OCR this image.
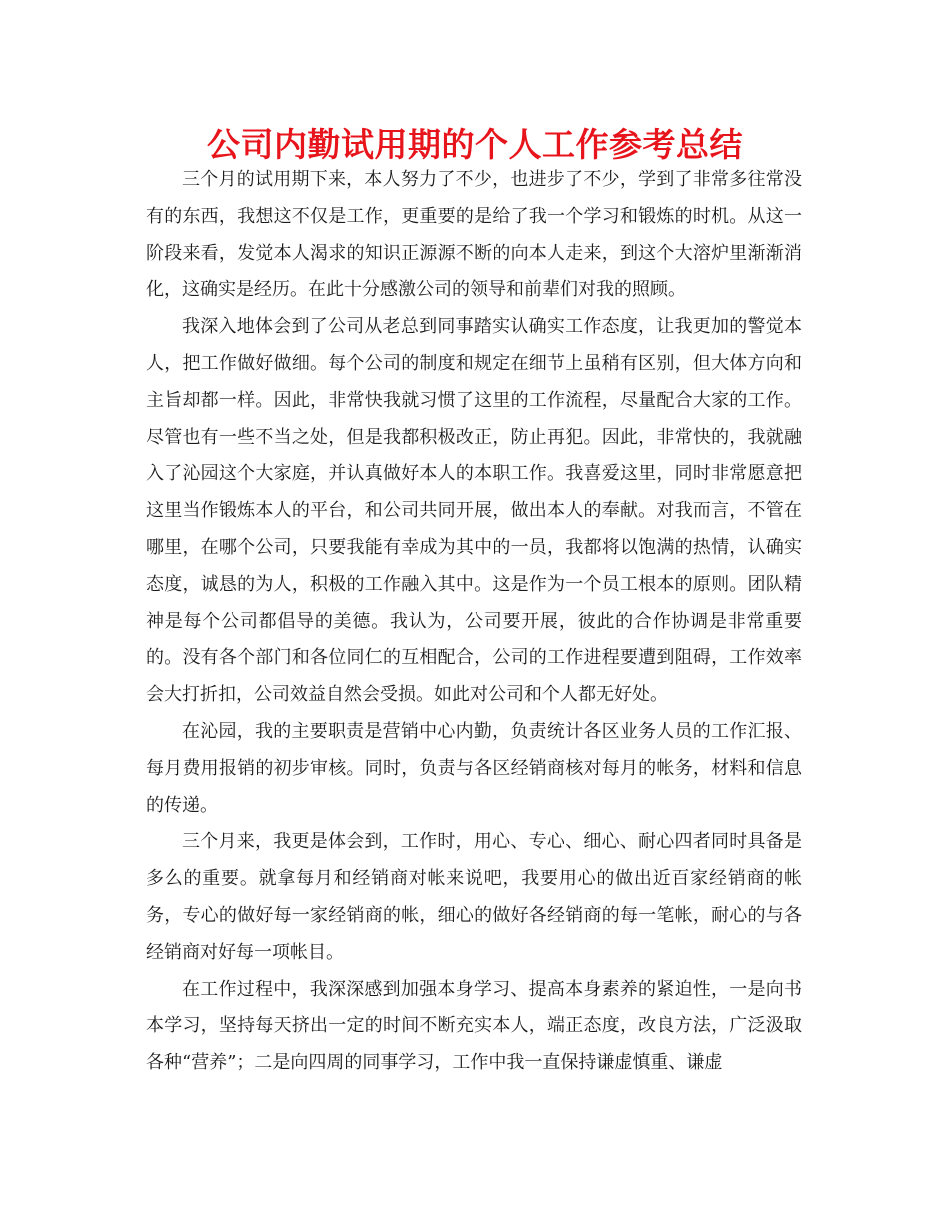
公司内勤试用期的个人工作参考总结

三个月的试用期下来，本人努力了不少，也进步了不少，学到了非常多往常没有的东西，我想这不仅是工作，更重要的是给了我一个学习和锻炼的时机。从这一阶段来看，发觉本人渴求的知识正源源不断的向本人走来，到这个大溶炉里渐渐消化，这确实是经历。在此十分感激公司的领导和前辈们对我的照顾。

我深入地体会到了公司从老总到同事踏实认确实工作态度，让我更加的警觉本人，把工作做好做细。每个公司的制度和规定在细节上虽稍有区别，但大体方向和主旨却都一样。因此，非常快我就习惯了这里的工作流程，尽量配合大家的工作。尽管也有一些不当之处，但是我都积极改正，防止再犯。因此，非常快的，我就融入了沁园这个大家庭，并认真做好本人的本职工作。我喜爱这里，同时非常愿意把这里当作锻炼本人的平台，和公司共同开展，做出本人的奉献。对我而言，不管在哪里，在哪个公司，只要我能有幸成为其中的一员，我都将以饱满的热情，认确实态度，诚恳的为人，积极的工作融入其中。这是作为一个员工根本的原则。团队精神是每个公司都倡导的美德。我认为，公司要开展，彼此的合作协调是非常重要的。没有各个部门和各位同仁的互相配合，公司的工作进程要遭到阻碍，工作效率会大打折扣，公司效益自然会受损。如此对公司和个人都无好处。

在沁园，我的主要职责是营销中心内勤，负责统计各区业务人员的工作汇报、每月费用报销的初步审核。同时，负责与各区经销商核对每月的帐务，材料和信息的传递。

三个月来，我更是体会到，工作时，用心、专心、细心、耐心四者同时具备是多么的重要。就拿每月和经销商对帐来说吧，我要用心的做出近百家经销商的帐务，专心的做好每一家经销商的帐，细心的做好各经销商的每一笔帐，耐心的与各经销商对好每一项帐目。

在工作过程中，我深深感到加强本身学习、提高本身素养的紧迫性，一是向书本学习，坚持每天挤出一定的时间不断充实本人，端正态度，改良方法，广泛汲取各种“营养”；二是向四周的同事学习，工作中我一直保持谦虚慎重、谦虚
